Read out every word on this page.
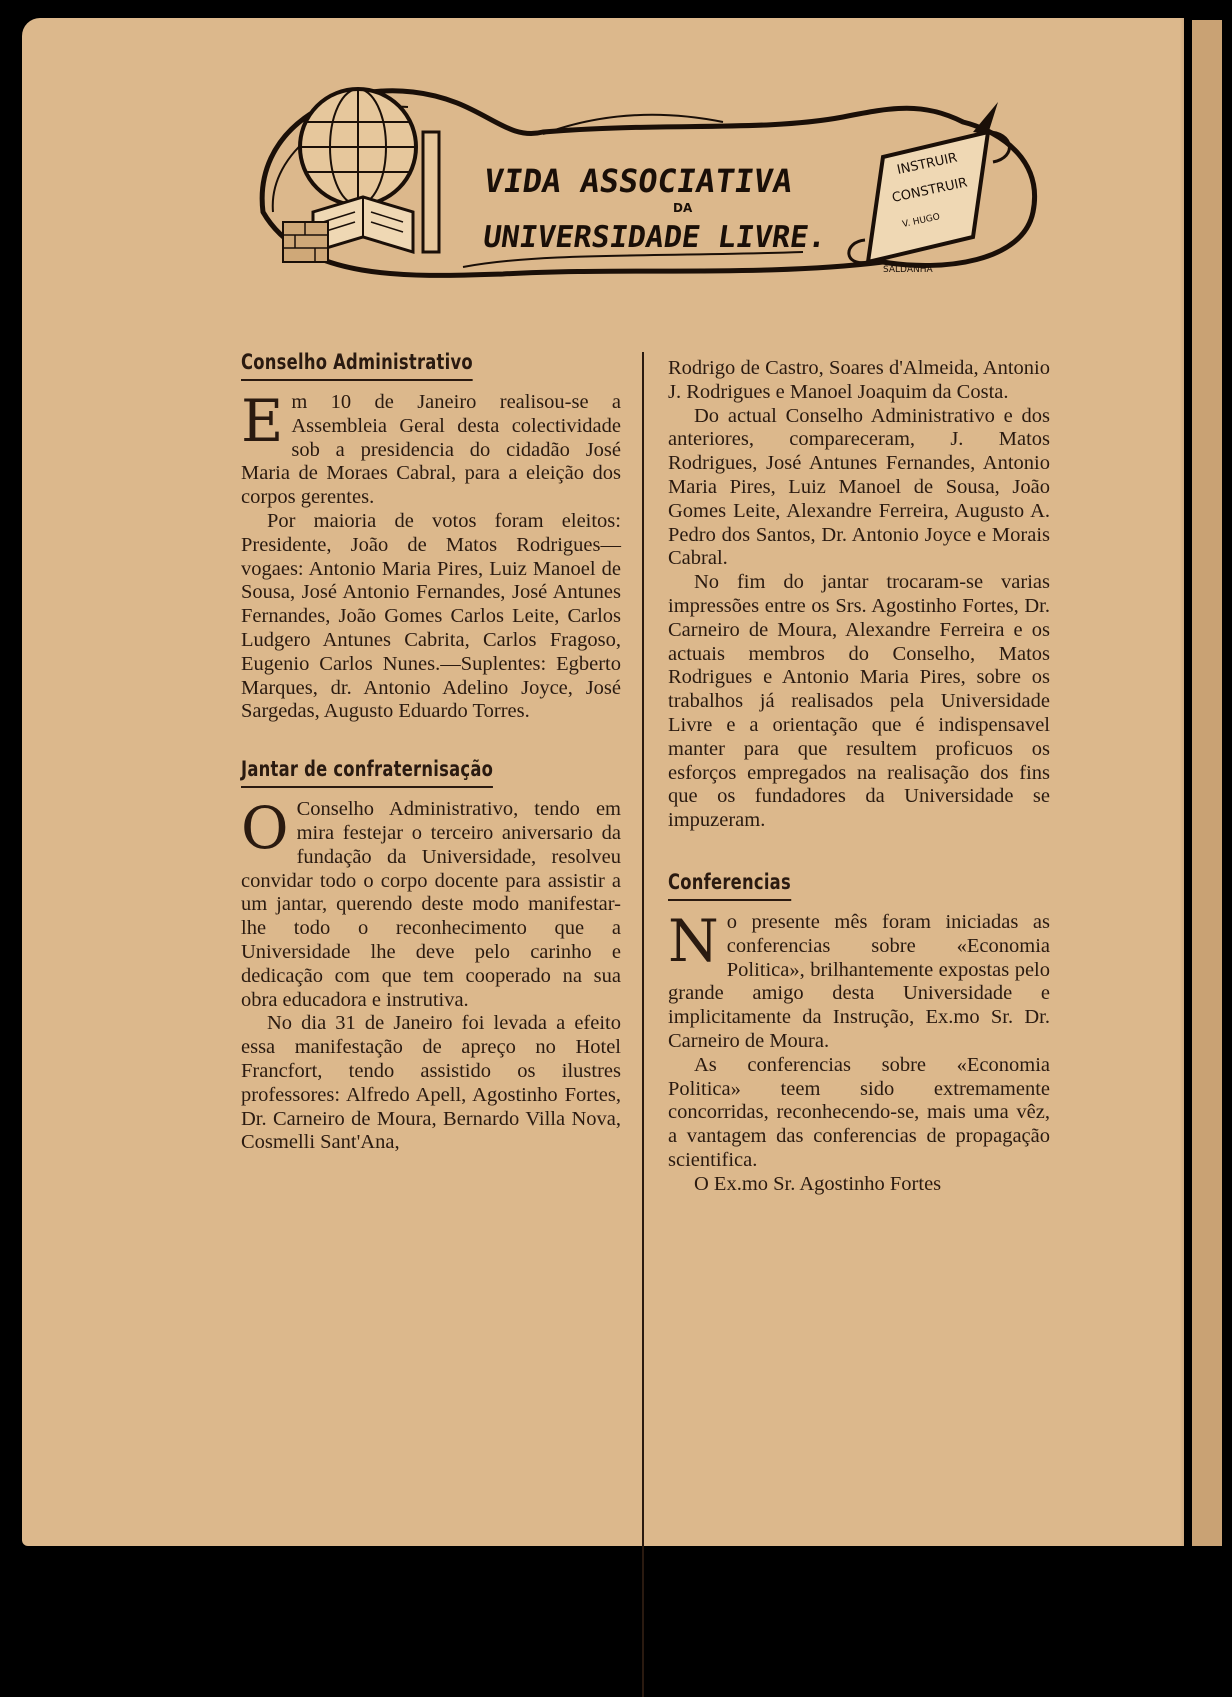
VIDA ASSOCIATIVA
DA
UNIVERSIDADE LIVRE.
INSTRUIR
CONSTRUIR
V. HUGO
SALDANHA
Conselho Administrativo

Em 10 de Janeiro realisou-se a Assembleia Geral desta colectividade sob a presidencia do cidadão José Maria de Moraes Cabral, para a eleição dos corpos gerentes.

Por maioria de votos foram eleitos: Presidente, João de Matos Rodrigues—vogaes: Antonio Maria Pires, Luiz Manoel de Sousa, José Antonio Fernandes, José Antunes Fernandes, João Gomes Carlos Leite, Carlos Ludgero Antunes Cabrita, Carlos Fragoso, Eugenio Carlos Nunes.—Suplentes: Egberto Marques, dr. Antonio Adelino Joyce, José Sargedas, Augusto Eduardo Torres.

Jantar de confraternisação

O Conselho Administrativo, tendo em mira festejar o terceiro aniversario da fundação da Universidade, resolveu convidar todo o corpo docente para assistir a um jantar, querendo deste modo manifestar-lhe todo o reconhecimento que a Universidade lhe deve pelo carinho e dedicação com que tem cooperado na sua obra educadora e instrutiva.

No dia 31 de Janeiro foi levada a efeito essa manifestação de apreço no Hotel Francfort, tendo assistido os ilustres professores: Alfredo Apell, Agostinho Fortes, Dr. Carneiro de Moura, Bernardo Villa Nova, Cosmelli Sant'Ana,

Rodrigo de Castro, Soares d'Almeida, Antonio J. Rodrigues e Manoel Joaquim da Costa.

Do actual Conselho Administrativo e dos anteriores, compareceram, J. Matos Rodrigues, José Antunes Fernandes, Antonio Maria Pires, Luiz Manoel de Sousa, João Gomes Leite, Alexandre Ferreira, Augusto A. Pedro dos Santos, Dr. Antonio Joyce e Morais Cabral.

No fim do jantar trocaram-se varias impressões entre os Srs. Agostinho Fortes, Dr. Carneiro de Moura, Alexandre Ferreira e os actuais membros do Conselho, Matos Rodrigues e Antonio Maria Pires, sobre os trabalhos já realisados pela Universidade Livre e a orientação que é indispensavel manter para que resultem proficuos os esforços empregados na realisação dos fins que os fundadores da Universidade se impuzeram.

Conferencias

No presente mês foram iniciadas as conferencias sobre «Economia Politica», brilhantemente expostas pelo grande amigo desta Universidade e implicitamente da Instrução, Ex.mo Sr. Dr. Carneiro de Moura.

As conferencias sobre «Economia Politica» teem sido extremamente concorridas, reconhecendo-se, mais uma vêz, a vantagem das conferencias de propagação scientifica.

O Ex.mo Sr. Agostinho Fortes
